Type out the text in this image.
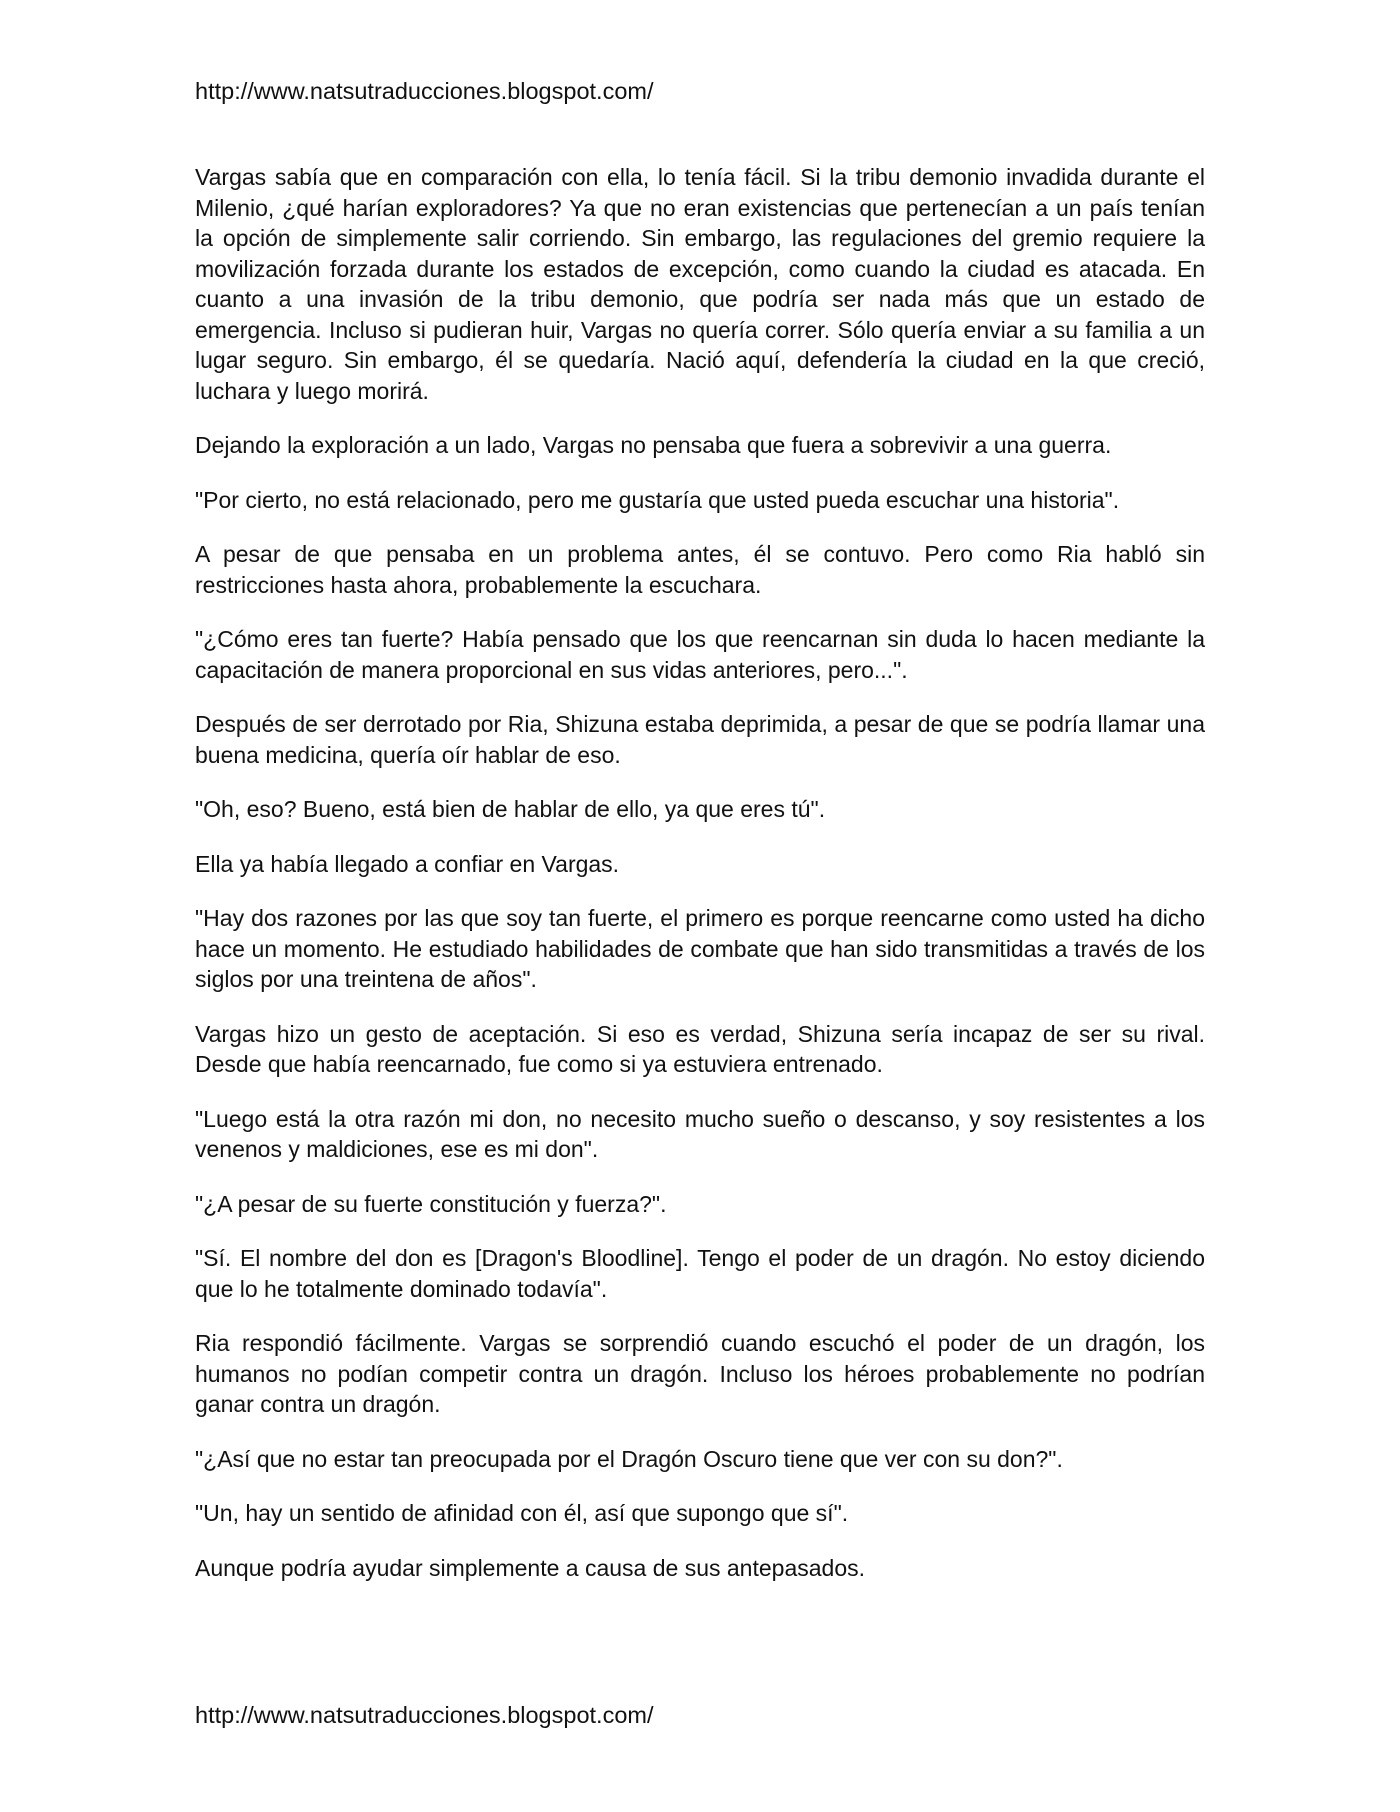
http://www.natsutraducciones.blogspot.com/

Vargas sabía que en comparación con ella, lo tenía fácil. Si la tribu demonio invadida durante el Milenio, ¿qué harían exploradores? Ya que no eran existencias que pertenecían a un país tenían la opción de simplemente salir corriendo. Sin embargo, las regulaciones del gremio requiere la movilización forzada durante los estados de excepción, como cuando la ciudad es atacada. En cuanto a una invasión de la tribu demonio, que podría ser nada más que un estado de emergencia. Incluso si pudieran huir, Vargas no quería correr. Sólo quería enviar a su familia a un lugar seguro. Sin embargo, él se quedaría. Nació aquí, defendería la ciudad en la que creció, luchara y luego morirá.

Dejando la exploración a un lado, Vargas no pensaba que fuera a sobrevivir a una guerra.

"Por cierto, no está relacionado, pero me gustaría que usted pueda escuchar una historia".

A pesar de que pensaba en un problema antes, él se contuvo. Pero como Ria habló sin restricciones hasta ahora, probablemente la escuchara.

"¿Cómo eres tan fuerte? Había pensado que los que reencarnan sin duda lo hacen mediante la capacitación de manera proporcional en sus vidas anteriores, pero...".

Después de ser derrotado por Ria, Shizuna estaba deprimida, a pesar de que se podría llamar una buena medicina, quería oír hablar de eso.

"Oh, eso? Bueno, está bien de hablar de ello, ya que eres tú".

Ella ya había llegado a confiar en Vargas.

"Hay dos razones por las que soy tan fuerte, el primero es porque reencarne como usted ha dicho hace un momento. He estudiado habilidades de combate que han sido transmitidas a través de los siglos por una treintena de años".

Vargas hizo un gesto de aceptación. Si eso es verdad, Shizuna sería incapaz de ser su rival. Desde que había reencarnado, fue como si ya estuviera entrenado.

"Luego está la otra razón mi don, no necesito mucho sueño o descanso, y soy resistentes a los venenos y maldiciones, ese es mi don".

"¿A pesar de su fuerte constitución y fuerza?".

"Sí. El nombre del don es [Dragon's Bloodline]. Tengo el poder de un dragón. No estoy diciendo que lo he totalmente dominado todavía".

Ria respondió fácilmente. Vargas se sorprendió cuando escuchó el poder de un dragón, los humanos no podían competir contra un dragón. Incluso los héroes probablemente no podrían ganar contra un dragón.

"¿Así que no estar tan preocupada por el Dragón Oscuro tiene que ver con su don?".

"Un, hay un sentido de afinidad con él, así que supongo que sí".

Aunque podría ayudar simplemente a causa de sus antepasados.

http://www.natsutraducciones.blogspot.com/
